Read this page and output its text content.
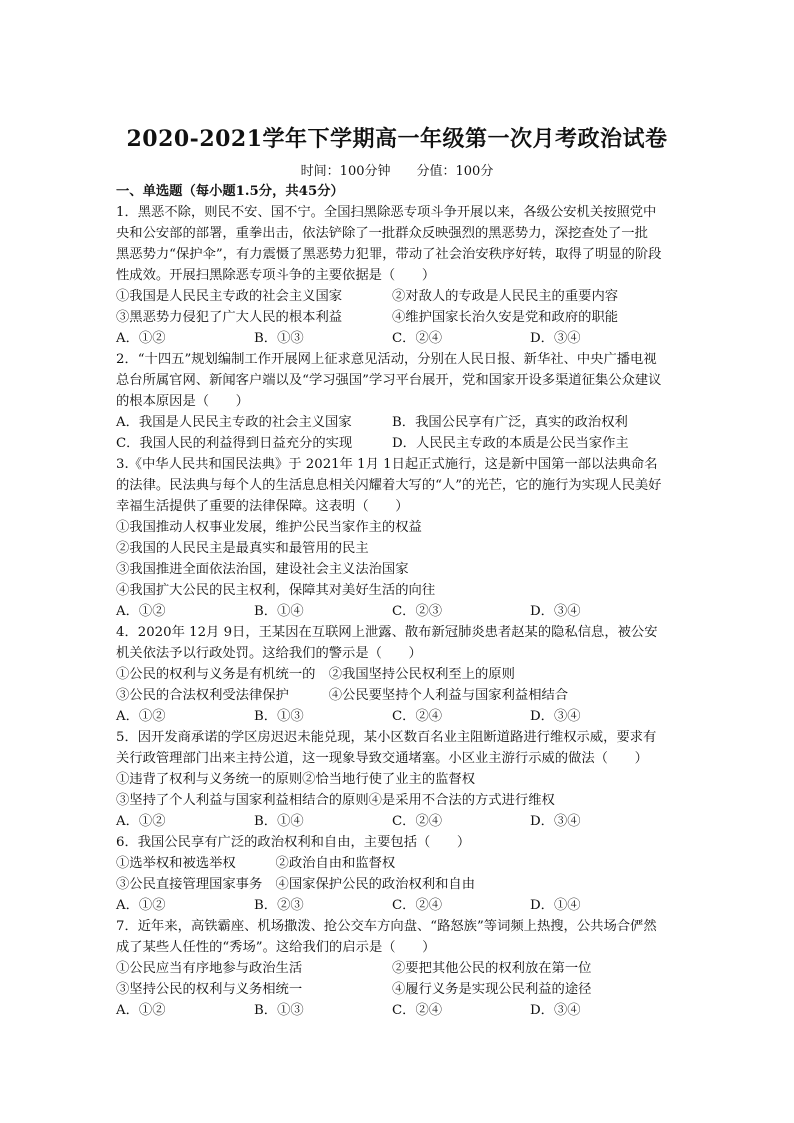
2020-2021学年下学期高一年级第一次月考政治试卷
时间：100分钟 分值：100分
一、单选题（每小题1.5分，共45分）
1．黑恶不除，则民不安、国不宁。全国扫黑除恶专项斗争开展以来，各级公安机关按照党中
央和公安部的部署，重拳出击，依法铲除了一批群众反映强烈的黑恶势力，深挖查处了一批
黑恶势力“保护伞”，有力震慑了黑恶势力犯罪，带动了社会治安秩序好转，取得了明显的阶段
性成效。开展扫黑除恶专项斗争的主要依据是（　　）
①我国是人民民主专政的社会主义国家	②对敌人的专政是人民民主的重要内容
③黑恶势力侵犯了广大人民的根本利益	④维护国家长治久安是党和政府的职能
A．①②	B．①③	C．②④	D．③④
2．“十四五”规划编制工作开展网上征求意见活动，分别在人民日报、新华社、中央广播电视
总台所属官网、新闻客户端以及“学习强国”学习平台展开，党和国家开设多渠道征集公众建议
的根本原因是（　　）
A．我国是人民民主专政的社会主义国家	B．我国公民享有广泛，真实的政治权利
C．我国人民的利益得到日益充分的实现	D．人民民主专政的本质是公民当家作主
3.《中华人民共和国民法典》于 2021年 1月 1日起正式施行，这是新中国第一部以法典命名
的法律。民法典与每个人的生活息息相关闪耀着大写的“人”的光芒，它的施行为实现人民美好
幸福生活提供了重要的法律保障。这表明（　　）
①我国推动人权事业发展，维护公民当家作主的权益
②我国的人民民主是最真实和最管用的民主
③我国推进全面依法治国，建设社会主义法治国家
④我国扩大公民的民主权利，保障其对美好生活的向往
A．①②	B．①④	C．②③	D．③④
4．2020年 12月 9日，王某因在互联网上泄露、散布新冠肺炎患者赵某的隐私信息，被公安
机关依法予以行政处罚。这给我们的警示是（　　）
①公民的权利与义务是有机统一的　②我国坚持公民权利至上的原则
③公民的合法权利受法律保护　　　④公民要坚持个人利益与国家利益相结合
A．①②	B．①③	C．②④	D．③④
5．因开发商承诺的学区房迟迟未能兑现，某小区数百名业主阻断道路进行维权示威，要求有
关行政管理部门出来主持公道，这一现象导致交通堵塞。小区业主游行示威的做法（　　）
①违背了权利与义务统一的原则②恰当地行使了业主的监督权
③坚持了个人利益与国家利益相结合的原则④是采用不合法的方式进行维权
A．①②	B．①④	C．②④	D．③④
6．我国公民享有广泛的政治权利和自由，主要包括（　　）
①选举权和被选举权　　　②政治自由和监督权
③公民直接管理国家事务　④国家保护公民的政治权利和自由
A．①②	B．②③	C．②④	D．①④
7．近年来，高铁霸座、机场撒泼、抢公交车方向盘、“路怒族”等词频上热搜，公共场合俨然
成了某些人任性的“秀场”。这给我们的启示是（　　）
①公民应当有序地参与政治生活	②要把其他公民的权利放在第一位
③坚持公民的权利与义务相统一	④履行义务是实现公民利益的途径
A．①②	B．①③	C．②④	D．③④
